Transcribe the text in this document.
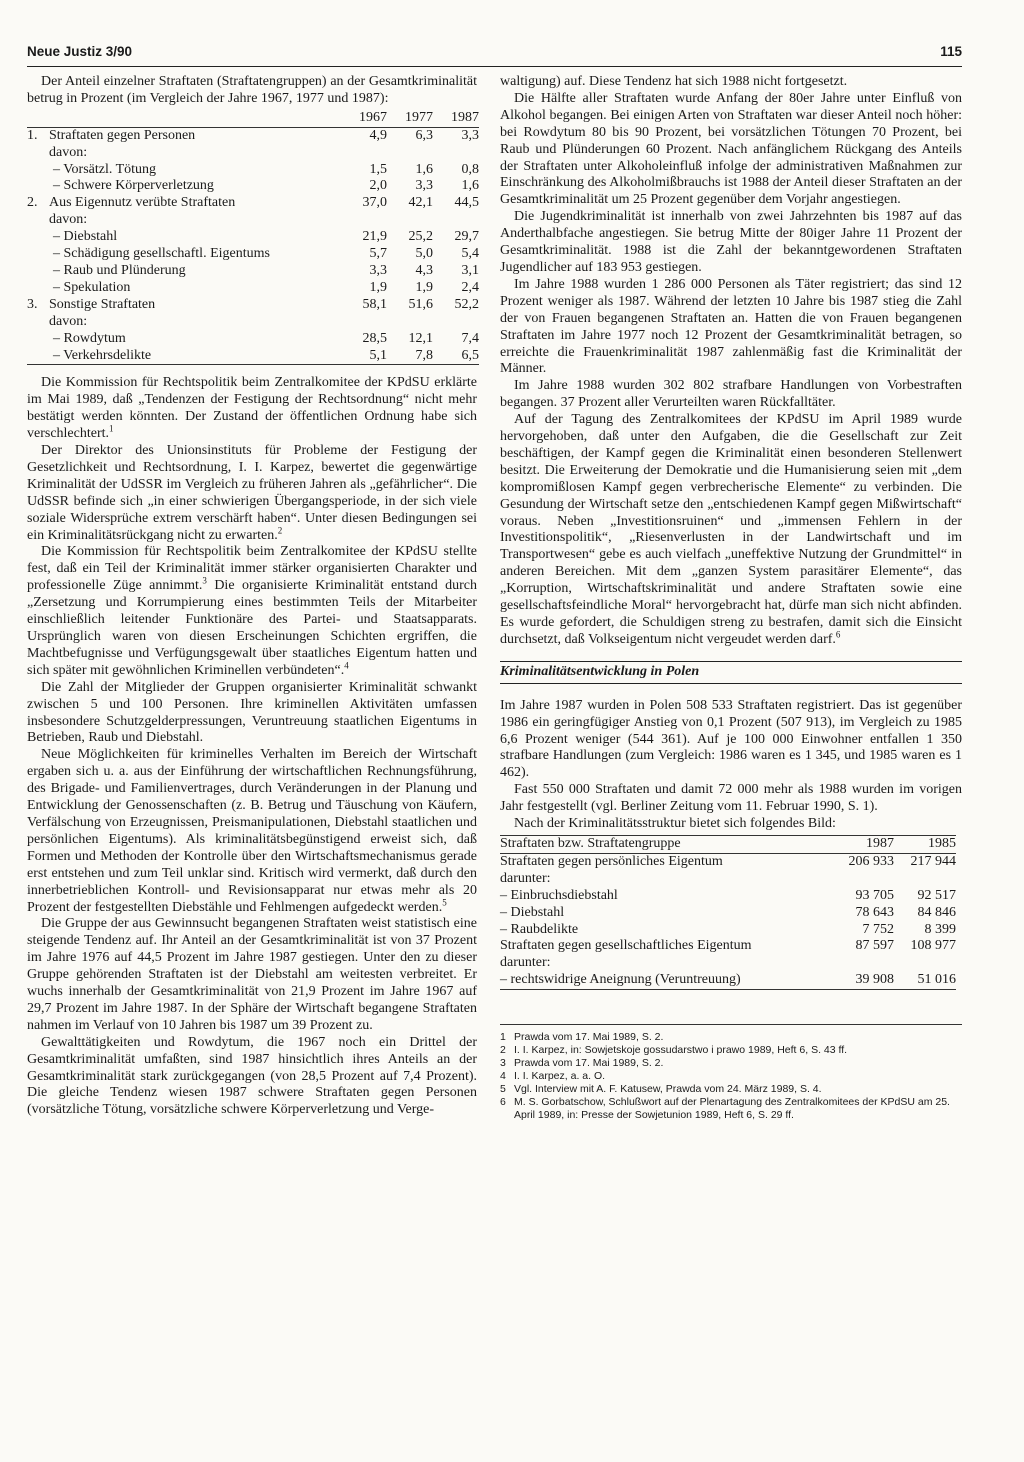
Neue Justiz 3/90	115

Der Anteil einzelner Straftaten (Straftatengruppen) an der Gesamtkriminalität betrug in Prozent (im Vergleich der Jahre 1967, 1977 und 1987):

		1967	1977	1987
1.	Straftaten gegen Personen	4,9	6,3	3,3
	davon:			
	– Vorsätzl. Tötung	1,5	1,6	0,8
	– Schwere Körperverletzung	2,0	3,3	1,6
2.	Aus Eigennutz verübte Straftaten	37,0	42,1	44,5
	davon:			
	– Diebstahl	21,9	25,2	29,7
	– Schädigung gesellschaftl. Eigentums	5,7	5,0	5,4
	– Raub und Plünderung	3,3	4,3	3,1
	– Spekulation	1,9	1,9	2,4
3.	Sonstige Straftaten	58,1	51,6	52,2
	davon:			
	– Rowdytum	28,5	12,1	7,4
	– Verkehrsdelikte	5,1	7,8	6,5

Die Kommission für Rechtspolitik beim Zentralkomitee der KPdSU erklärte im Mai 1989, daß „Tendenzen der Festigung der Rechtsordnung“ nicht mehr bestätigt werden könnten. Der Zustand der öffentlichen Ordnung habe sich verschlechtert.$^1$

Der Direktor des Unionsinstituts für Probleme der Festigung der Gesetzlichkeit und Rechtsordnung, I. I. Karpez, bewertet die gegenwärtige Kriminalität der UdSSR im Vergleich zu früheren Jahren als „gefährlicher“. Die UdSSR befinde sich „in einer schwierigen Übergangsperiode, in der sich viele soziale Widersprüche extrem verschärft haben“. Unter diesen Bedingungen sei ein Kriminalitätsrückgang nicht zu erwarten.$^2$

Die Kommission für Rechtspolitik beim Zentralkomitee der KPdSU stellte fest, daß ein Teil der Kriminalität immer stärker organisierten Charakter und professionelle Züge annimmt.$^3$ Die organisierte Kriminalität entstand durch „Zersetzung und Korrumpierung eines bestimmten Teils der Mitarbeiter einschließlich leitender Funktionäre des Partei- und Staatsapparats. Ursprünglich waren von diesen Erscheinungen Schichten ergriffen, die Machtbefugnisse und Verfügungsgewalt über staatliches Eigentum hatten und sich später mit gewöhnlichen Kriminellen verbündeten“.$^4$

Die Zahl der Mitglieder der Gruppen organisierter Kriminalität schwankt zwischen 5 und 100 Personen. Ihre kriminellen Aktivitäten umfassen insbesondere Schutzgelderpressungen, Veruntreuung staatlichen Eigentums in Betrieben, Raub und Diebstahl.

Neue Möglichkeiten für kriminelles Verhalten im Bereich der Wirtschaft ergaben sich u. a. aus der Einführung der wirtschaftlichen Rechnungsführung, des Brigade- und Familienvertrages, durch Veränderungen in der Planung und Entwicklung der Genossenschaften (z. B. Betrug und Täuschung von Käufern, Verfälschung von Erzeugnissen, Preismanipulationen, Diebstahl staatlichen und persönlichen Eigentums). Als kriminalitätsbegünstigend erweist sich, daß Formen und Methoden der Kontrolle über den Wirtschaftsmechanismus gerade erst entstehen und zum Teil unklar sind. Kritisch wird vermerkt, daß durch den innerbetrieblichen Kontroll- und Revisionsapparat nur etwas mehr als 20 Prozent der festgestellten Diebstähle und Fehlmengen aufgedeckt werden.$^5$

Die Gruppe der aus Gewinnsucht begangenen Straftaten weist statistisch eine steigende Tendenz auf. Ihr Anteil an der Gesamtkriminalität ist von 37 Prozent im Jahre 1976 auf 44,5 Prozent im Jahre 1987 gestiegen. Unter den zu dieser Gruppe gehörenden Straftaten ist der Diebstahl am weitesten verbreitet. Er wuchs innerhalb der Gesamtkriminalität von 21,9 Prozent im Jahre 1967 auf 29,7 Prozent im Jahre 1987. In der Sphäre der Wirtschaft begangene Straftaten nahmen im Verlauf von 10 Jahren bis 1987 um 39 Prozent zu.

Gewalttätigkeiten und Rowdytum, die 1967 noch ein Drittel der Gesamtkriminalität umfaßten, sind 1987 hinsichtlich ihres Anteils an der Gesamtkriminalität stark zurückgegangen (von 28,5 Prozent auf 7,4 Prozent). Die gleiche Tendenz wiesen 1987 schwere Straftaten gegen Personen (vorsätzliche Tötung, vorsätzliche schwere Körperverletzung und Verge-

waltigung) auf. Diese Tendenz hat sich 1988 nicht fortgesetzt.

Die Hälfte aller Straftaten wurde Anfang der 80er Jahre unter Einfluß von Alkohol begangen. Bei einigen Arten von Straftaten war dieser Anteil noch höher: bei Rowdytum 80 bis 90 Prozent, bei vorsätzlichen Tötungen 70 Prozent, bei Raub und Plünderungen 60 Prozent. Nach anfänglichem Rückgang des Anteils der Straftaten unter Alkoholeinfluß infolge der administrativen Maßnahmen zur Einschränkung des Alkoholmißbrauchs ist 1988 der Anteil dieser Straftaten an der Gesamtkriminalität um 25 Prozent gegenüber dem Vorjahr angestiegen.

Die Jugendkriminalität ist innerhalb von zwei Jahrzehnten bis 1987 auf das Anderthalbfache angestiegen. Sie betrug Mitte der 80iger Jahre 11 Prozent der Gesamtkriminalität. 1988 ist die Zahl der bekanntgewordenen Straftaten Jugendlicher auf 183 953 gestiegen.

Im Jahre 1988 wurden 1 286 000 Personen als Täter registriert; das sind 12 Prozent weniger als 1987. Während der letzten 10 Jahre bis 1987 stieg die Zahl der von Frauen begangenen Straftaten an. Hatten die von Frauen begangenen Straftaten im Jahre 1977 noch 12 Prozent der Gesamtkriminalität betragen, so erreichte die Frauenkriminalität 1987 zahlenmäßig fast die Kriminalität der Männer.

Im Jahre 1988 wurden 302 802 strafbare Handlungen von Vorbestraften begangen. 37 Prozent aller Verurteilten waren Rückfalltäter.

Auf der Tagung des Zentralkomitees der KPdSU im April 1989 wurde hervorgehoben, daß unter den Aufgaben, die die Gesellschaft zur Zeit beschäftigen, der Kampf gegen die Kriminalität einen besonderen Stellenwert besitzt. Die Erweiterung der Demokratie und die Humanisierung seien mit „dem kompromißlosen Kampf gegen verbrecherische Elemente“ zu verbinden. Die Gesundung der Wirtschaft setze den „entschiedenen Kampf gegen Mißwirtschaft“ voraus. Neben „Investitionsruinen“ und „immensen Fehlern in der Investitionspolitik“, „Riesenverlusten in der Landwirtschaft und im Transportwesen“ gebe es auch vielfach „uneffektive Nutzung der Grundmittel“ in anderen Bereichen. Mit dem „ganzen System parasitärer Elemente“, das „Korruption, Wirtschaftskriminalität und andere Straftaten sowie eine gesellschaftsfeindliche Moral“ hervorgebracht hat, dürfe man sich nicht abfinden. Es wurde gefordert, die Schuldigen streng zu bestrafen, damit sich die Einsicht durchsetzt, daß Volkseigentum nicht vergeudet werden darf.$^6$

Kriminalitätsentwicklung in Polen

Im Jahre 1987 wurden in Polen 508 533 Straftaten registriert. Das ist gegenüber 1986 ein geringfügiger Anstieg von 0,1 Prozent (507 913), im Vergleich zu 1985 6,6 Prozent weniger (544 361). Auf je 100 000 Einwohner entfallen 1 350 strafbare Handlungen (zum Vergleich: 1986 waren es 1 345, und 1985 waren es 1 462).

Fast 550 000 Straftaten und damit 72 000 mehr als 1988 wurden im vorigen Jahr festgestellt (vgl. Berliner Zeitung vom 11. Februar 1990, S. 1).

Nach der Kriminalitätsstruktur bietet sich folgendes Bild:

Straftaten bzw. Straftatengruppe	1987	1985
Straftaten gegen persönliches Eigentum	206 933	217 944
darunter:		
– Einbruchsdiebstahl	93 705	92 517
– Diebstahl	78 643	84 846
– Raubdelikte	7 752	8 399
Straftaten gegen gesellschaftliches Eigentum	87 597	108 977
darunter:		
– rechtswidrige Aneignung (Veruntreuung)	39 908	51 016
1 Prawda vom 17. Mai 1989, S. 2.
2 I. I. Karpez, in: Sowjetskoje gossudarstwo i prawo 1989, Heft 6, S. 43 ff.
3 Prawda vom 17. Mai 1989, S. 2.
4 I. I. Karpez, a. a. O.
5 Vgl. Interview mit A. F. Katusew, Prawda vom 24. März 1989, S. 4.
6 M. S. Gorbatschow, Schlußwort auf der Plenartagung des Zentralkomitees der KPdSU am 25. April 1989, in: Presse der Sowjetunion 1989, Heft 6, S. 29 ff.
